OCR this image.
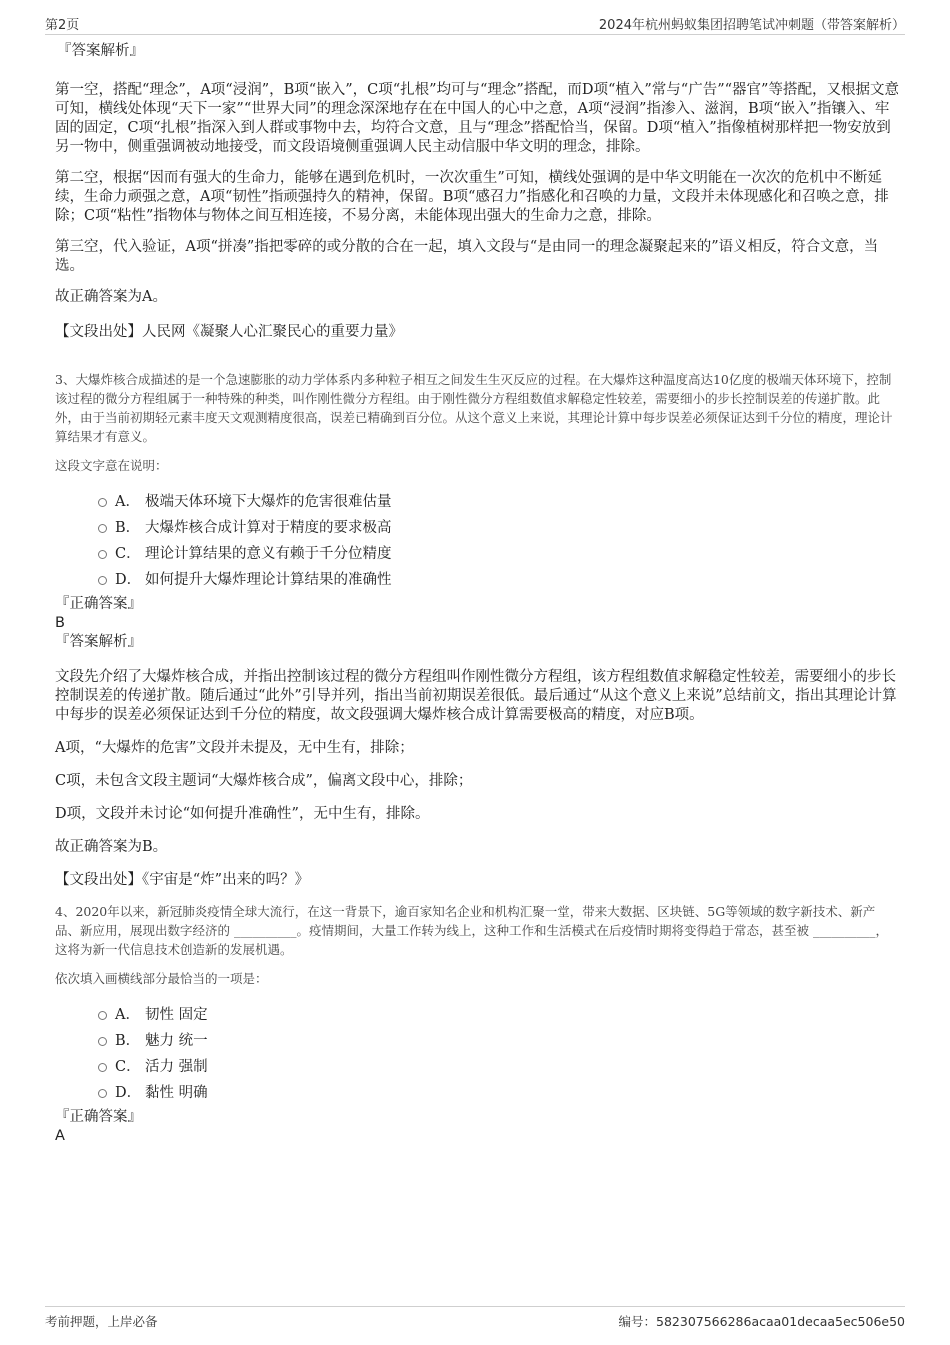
第2页	2024年杭州蚂蚁集团招聘笔试冲刺题（带答案解析）

『答案解析』

第一空，搭配“理念”，A项“浸润”，B项“嵌入”，C项“扎根”均可与“理念”搭配，而D项“植入”常与“广告”“器官”等搭配，又根据文意可知，横线处体现“天下一家”“世界大同”的理念深深地存在在中国人的心中之意，A项“浸润”指渗入、滋润，B项“嵌入”指镶入、牢固的固定，C项“扎根”指深入到人群或事物中去，均符合文意，且与“理念”搭配恰当，保留。D项“植入”指像植树那样把一物安放到另一物中，侧重强调被动地接受，而文段语境侧重强调人民主动信服中华文明的理念，排除。

第二空，根据“因而有强大的生命力，能够在遇到危机时，一次次重生”可知，横线处强调的是中华文明能在一次次的危机中不断延续，生命力顽强之意，A项“韧性”指顽强持久的精神，保留。B项“感召力”指感化和召唤的力量，文段并未体现感化和召唤之意，排除；C项“粘性”指物体与物体之间互相连接，不易分离，未能体现出强大的生命力之意，排除。

第三空，代入验证，A项“拼凑”指把零碎的或分散的合在一起，填入文段与“是由同一的理念凝聚起来的”语义相反，符合文意，当选。

故正确答案为A。

【文段出处】人民网《凝聚人心汇聚民心的重要力量》

3、大爆炸核合成描述的是一个急速膨胀的动力学体系内多种粒子相互之间发生生灭反应的过程。在大爆炸这种温度高达10亿度的极端天体环境下，控制该过程的微分方程组属于一种特殊的种类，叫作刚性微分方程组。由于刚性微分方程组数值求解稳定性较差，需要细小的步长控制误差的传递扩散。此外，由于当前初期轻元素丰度天文观测精度很高，误差已精确到百分位。从这个意义上来说，其理论计算中每步误差必须保证达到千分位的精度，理论计算结果才有意义。

这段文字意在说明：

A． 极端天体环境下大爆炸的危害很难估量
B． 大爆炸核合成计算对于精度的要求极高
C． 理论计算结果的意义有赖于千分位精度
D． 如何提升大爆炸理论计算结果的准确性

『正确答案』

B

『答案解析』

文段先介绍了大爆炸核合成，并指出控制该过程的微分方程组叫作刚性微分方程组，该方程组数值求解稳定性较差，需要细小的步长控制误差的传递扩散。随后通过“此外”引导并列，指出当前初期误差很低。最后通过“从这个意义上来说”总结前文，指出其理论计算中每步的误差必须保证达到千分位的精度，故文段强调大爆炸核合成计算需要极高的精度，对应B项。

A项，“大爆炸的危害”文段并未提及，无中生有，排除；

C项，未包含文段主题词“大爆炸核合成”，偏离文段中心，排除；

D项，文段并未讨论“如何提升准确性”，无中生有，排除。

故正确答案为B。

【文段出处】《宇宙是“炸”出来的吗？》

4、2020年以来，新冠肺炎疫情全球大流行，在这一背景下，逾百家知名企业和机构汇聚一堂，带来大数据、区块链、5G等领域的数字新技术、新产品、新应用，展现出数字经济的 __________。疫情期间，大量工作转为线上，这种工作和生活模式在后疫情时期将变得趋于常态，甚至被 __________，这将为新一代信息技术创造新的发展机遇。

依次填入画横线部分最恰当的一项是：

A． 韧性 固定
B． 魅力 统一
C． 活力 强制
D． 黏性 明确

『正确答案』

A

考前押题，上岸必备	编号：582307566286acaa01decaa5ec506e50
